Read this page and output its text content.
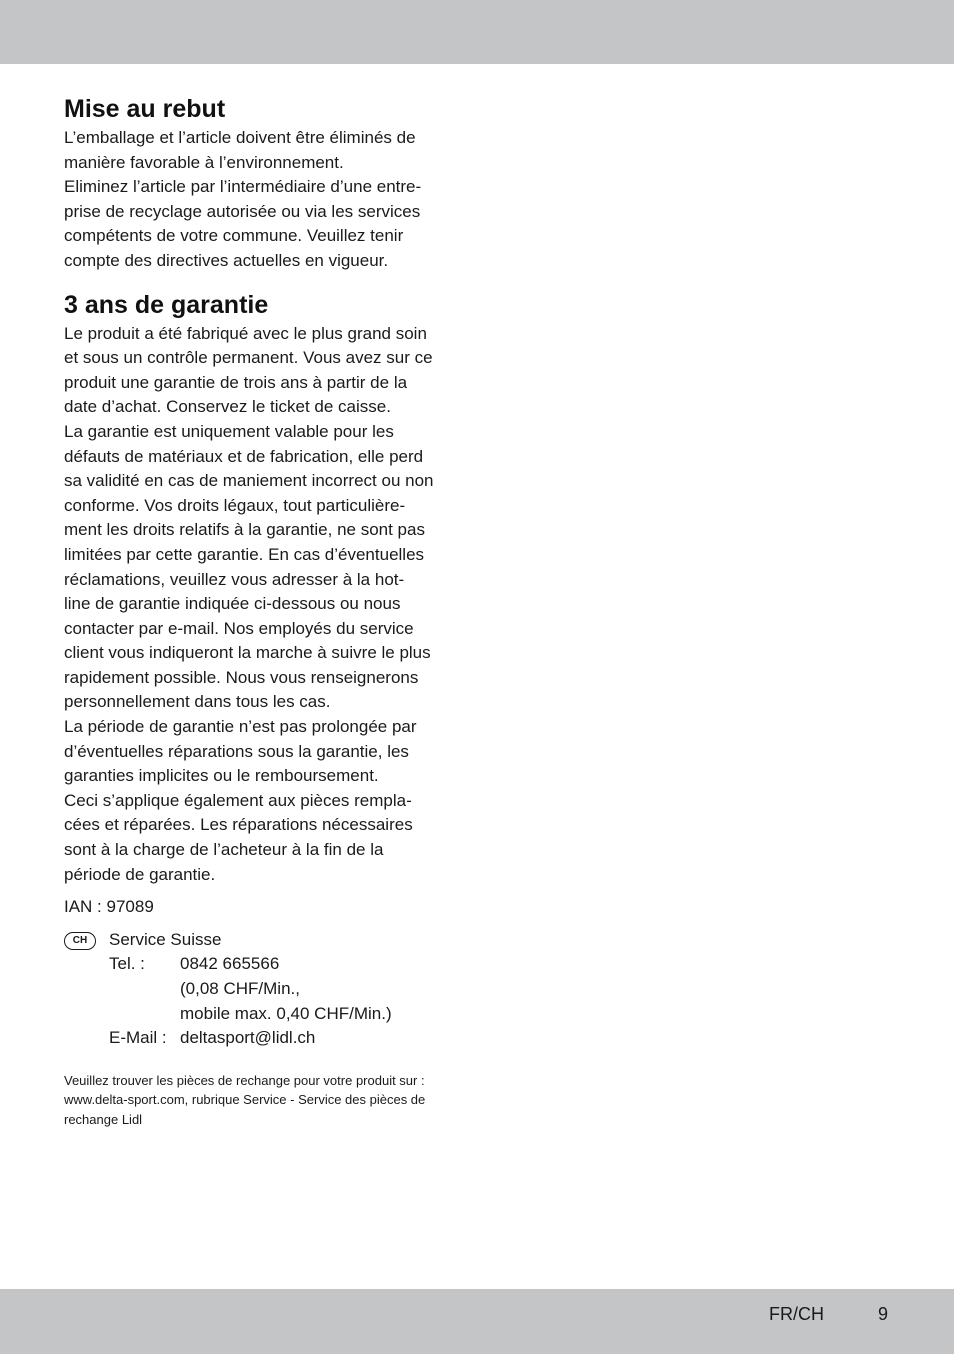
Mise au rebut

L’emballage et l’article doivent être éliminés de
manière favorable à l’environnement.
Eliminez l’article par l’intermédiaire d’une entre-
prise de recyclage autorisée ou via les services
compétents de votre commune. Veuillez tenir
compte des directives actuelles en vigueur.

3 ans de garantie

Le produit a été fabriqué avec le plus grand soin
et sous un contrôle permanent. Vous avez sur ce
produit une garantie de trois ans à partir de la
date d’achat. Conservez le ticket de caisse.
La garantie est uniquement valable pour les
défauts de matériaux et de fabrication, elle perd
sa validité en cas de maniement incorrect ou non
conforme. Vos droits légaux, tout particulière-
ment les droits relatifs à la garantie, ne sont pas
limitées par cette garantie. En cas d’éventuelles
réclamations, veuillez vous adresser à la hot-
line de garantie indiquée ci-dessous ou nous
contacter par e-mail. Nos employés du service
client vous indiqueront la marche à suivre le plus
rapidement possible. Nous vous renseignerons
personnellement dans tous les cas.
La période de garantie n’est pas prolongée par
d’éventuelles réparations sous la garantie, les
garanties implicites ou le remboursement.
Ceci s’applique également aux pièces rempla-
cées et réparées. Les réparations nécessaires
sont à la charge de l’acheteur à la fin de la
période de garantie.

IAN : 97089
CH	Service Suisse
Tel. :	0842 665566
(0,08 CHF/Min.,
mobile max. 0,40 CHF/Min.)
E-Mail : deltasport@lidl.ch
Veuillez trouver les pièces de rechange pour votre produit sur :
www.delta-sport.com, rubrique Service - Service des pièces de
rechange Lidl
FR/CH	9
